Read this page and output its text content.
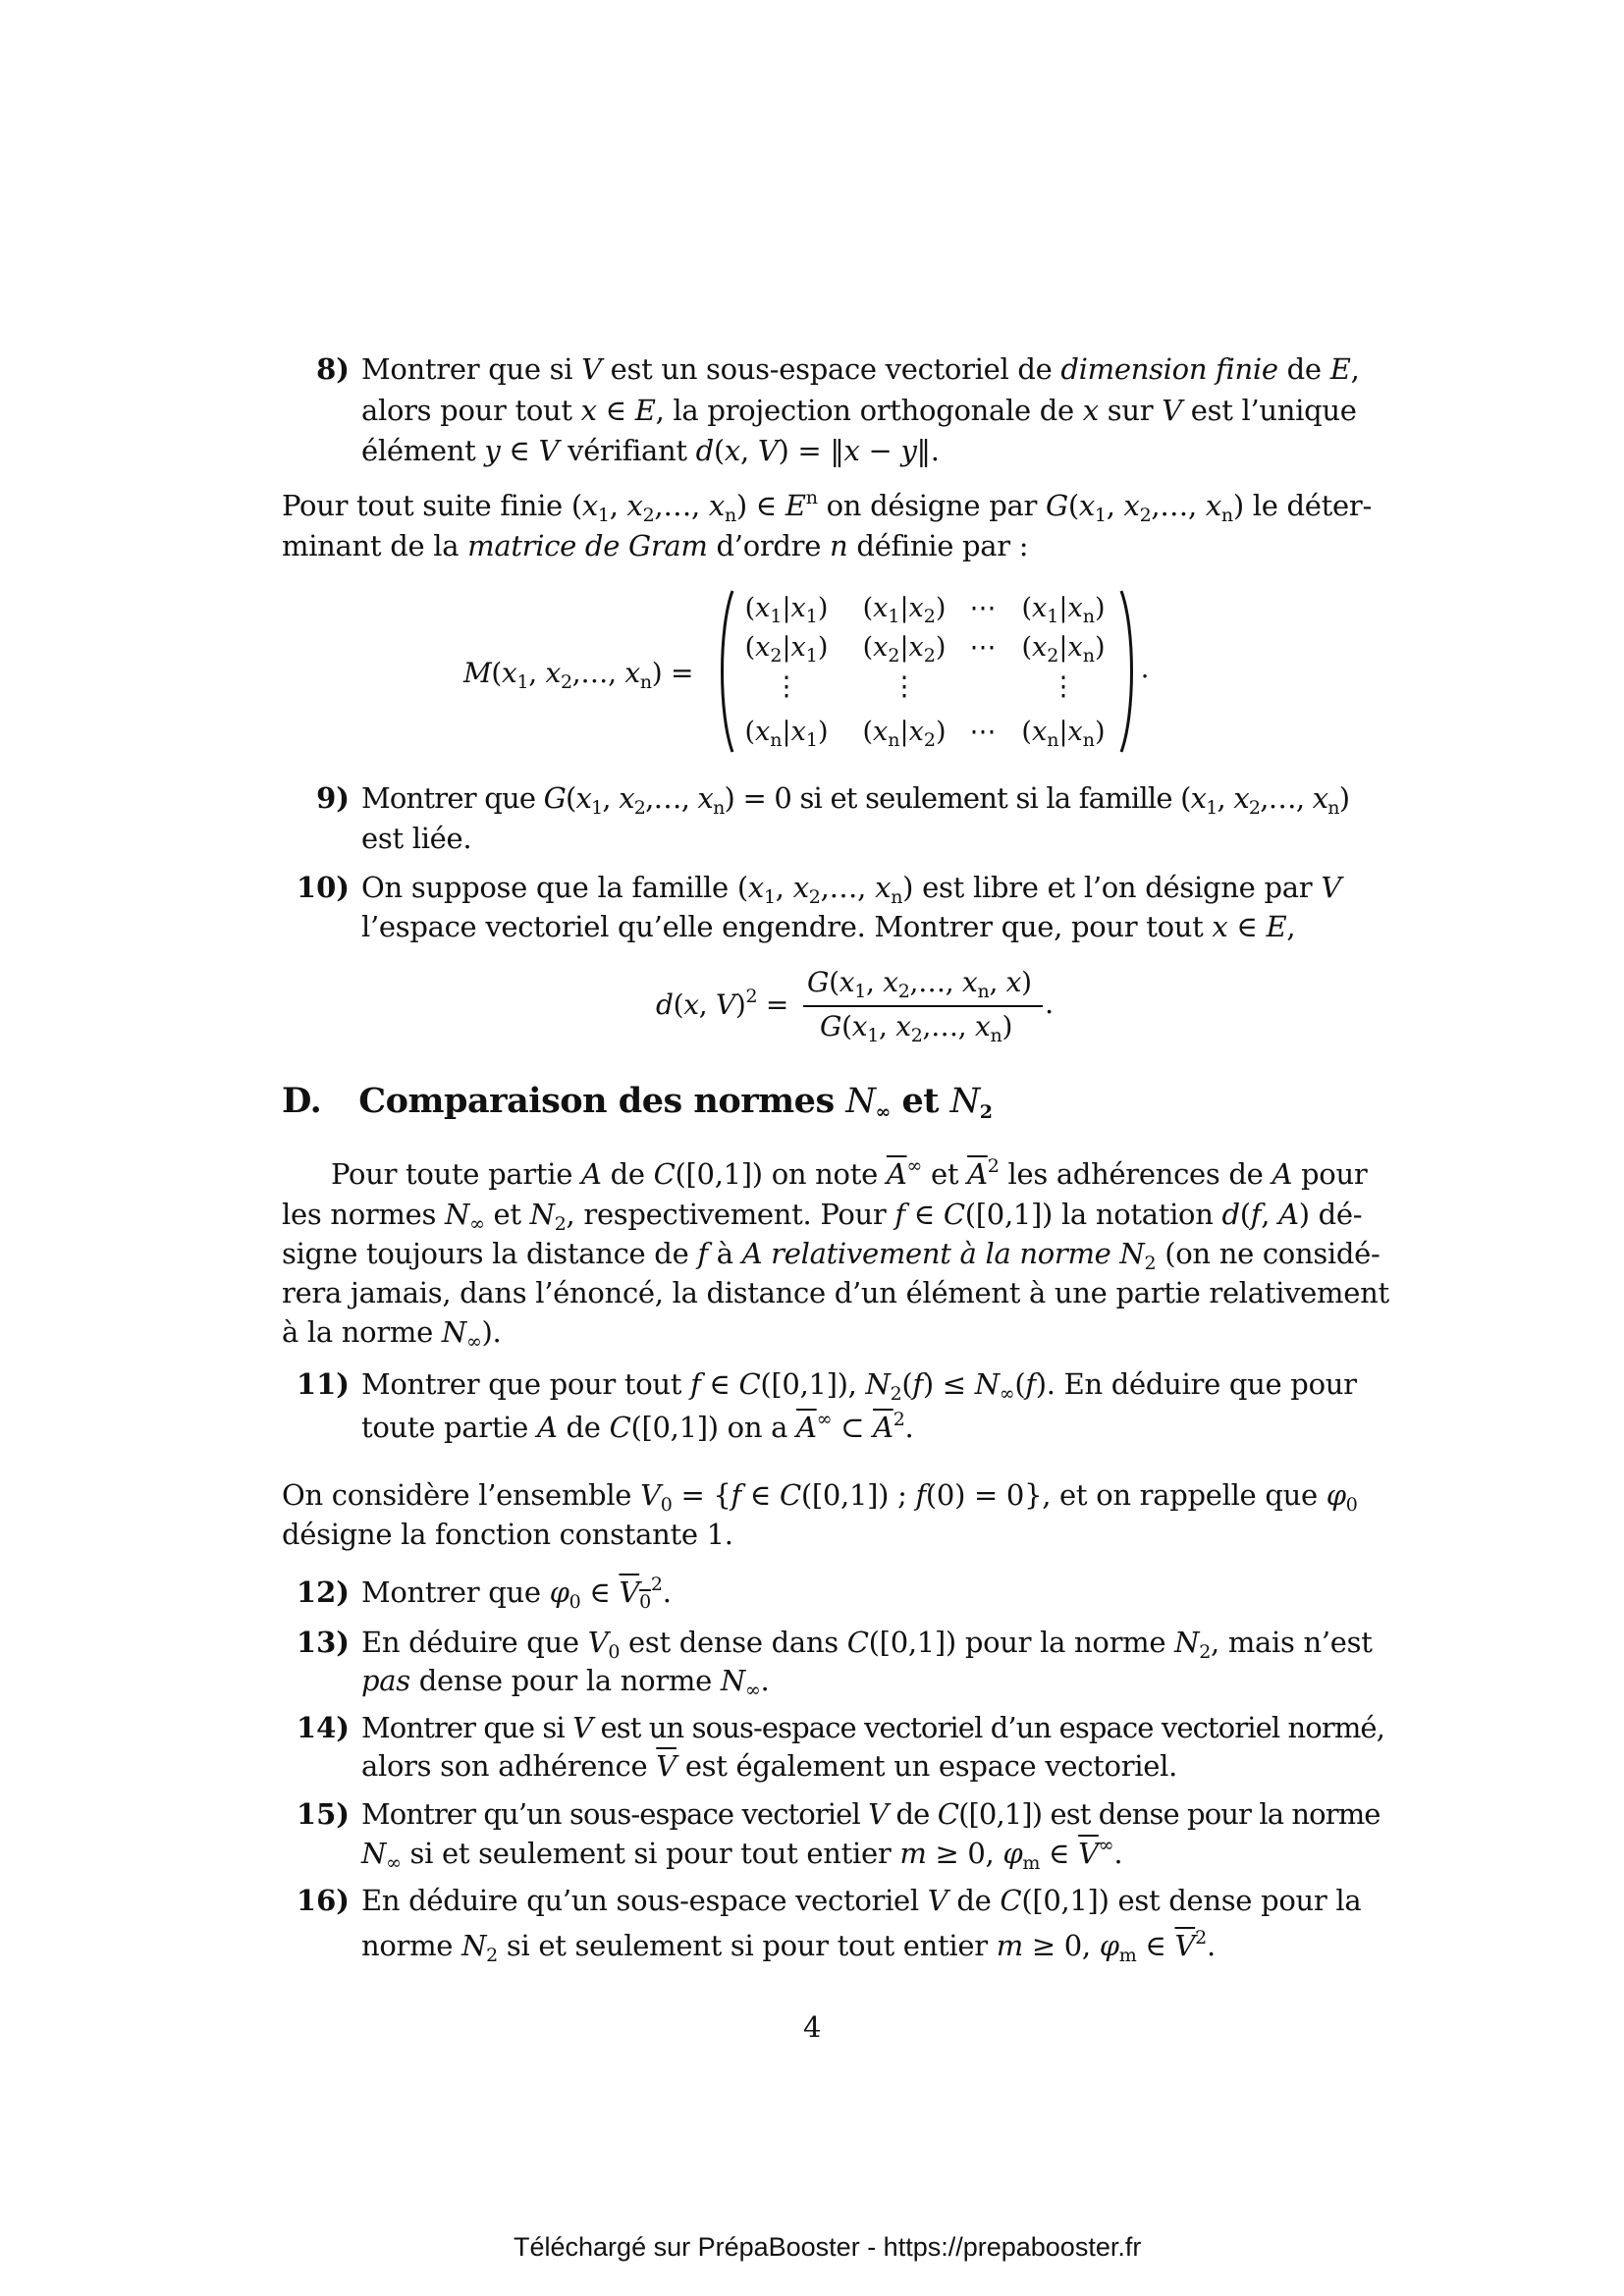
8) Montrer que si V est un sous-espace vectoriel de dimension finie de E,
alors pour tout x ∈ E, la projection orthogonale de x sur V est l’unique
élément y ∈ V vérifiant d(x, V) = ‖x − y‖.
Pour tout suite finie ($x_1$, $x_2,\dots$, $x_n$) ∈ $E^n$ on désigne par $G(x_1$, $x_2,\dots$, $x_n$) le déter-
minant de la matrice de Gram d’ordre n définie par :
$M(x_1$, $x_2,\dots$, $x_n$) =
$(x_1|x_1)$	$(x_1|x_2)$ ⋯ $(x_1|x_n)$
$(x_2|x_1)$	$(x_2|x_2)$ ⋯ $(x_2|x_n)$
⋮	⋮	⋮
$(x_n|x_1)$	$(x_n|x_2)$ ⋯ $(x_n|x_n)$
.
9) Montrer que $G(x_1$, $x_2,\dots$, $x_n) = 0$ si et seulement si la famille ($x_1$, $x_2,\dots$, $x_n$)
est liée.
10) On suppose que la famille ($x_1$, $x_2,\dots$, $x_n$) est libre et l’on désigne par V
l’espace vectoriel qu’elle engendre. Montrer que, pour tout x ∈ E,
d(x, V)$^2$ =
$G(x_1$, $x_2,\dots$, $x_n$, x)
$G(x_1$, $x_2,\dots$, $x_n$)
.
D. Comparaison des normes $N_\infty$ et $N_2$
Pour toute partie A de C([0,1]) on note $\overline{A}^\infty$ et $\overline{A}^2$ les adhérences de A pour
les normes $N_\infty$ et $N_2$, respectivement. Pour f ∈ C([0,1]) la notation d(f, A) dé-
signe toujours la distance de f à A relativement à la norme $N_2$ (on ne considé-
rera jamais, dans l’énoncé, la distance d’un élément à une partie relativement
à la norme $N_\infty$).
11) Montrer que pour tout f ∈ C([0,1]), $N_2(f) \le N_\infty(f)$. En déduire que pour
toute partie A de C([0,1]) on a $\overline{A}^\infty$ ⊂ $\overline{A}^2$.
On considère l’ensemble $V_0 = \{f$ ∈ C([0,1]) ; f(0) = 0}, et on rappelle que $\varphi_0$
désigne la fonction constante 1.
12) Montrer que $\varphi_0$ ∈ $V_0^2$.
13) En déduire que $V_0$ est dense dans C([0,1]) pour la norme $N_2$, mais n’est
pas dense pour la norme $N_\infty$.
14) Montrer que si V est un sous-espace vectoriel d’un espace vectoriel normé,
alors son adhérence $\overline{V}$ est également un espace vectoriel.
15) Montrer qu’un sous-espace vectoriel V de C([0,1]) est dense pour la norme
$N_\infty$ si et seulement si pour tout entier m ≥ 0, $\varphi_m$ ∈ $\overline{V}^\infty$.
16) En déduire qu’un sous-espace vectoriel V de C([0,1]) est dense pour la
norme $N_2$ si et seulement si pour tout entier m ≥ 0, $\varphi_m$ ∈ $\overline{V}^2$.
4
Téléchargé sur PrépaBooster - https://prepabooster.fr
